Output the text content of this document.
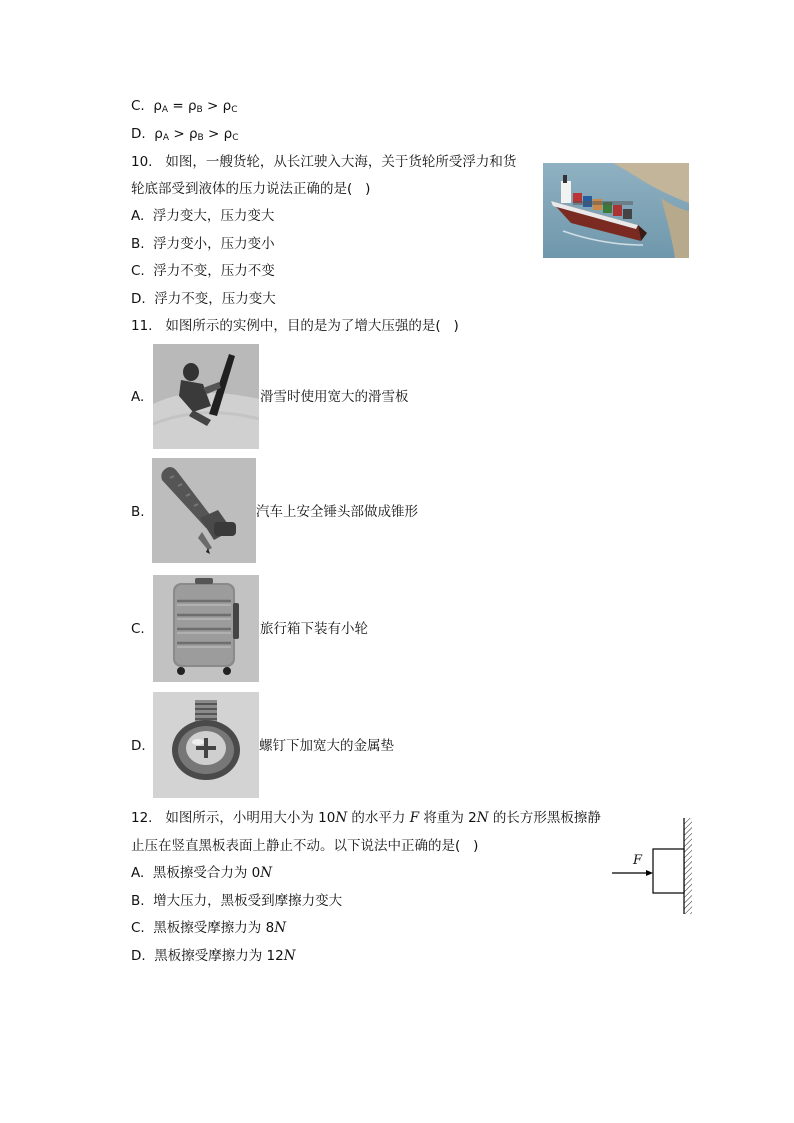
C. $\rho_A = \rho_B > \rho_C$
D. $\rho_A > \rho_B > \rho_C$
10.   如图，一艘货轮，从长江驶入大海，关于货轮所受浮力和货
轮底部受到液体的压力说法正确的是(   )
A.  浮力变大，压力变大
B.  浮力变小，压力变小
C.  浮力不变，压力不变
D.  浮力不变，压力变大
11.   如图所示的实例中，目的是为了增大压强的是(   )
A.	滑雪时使用宽大的滑雪板
B.	汽车上安全锤头部做成锥形
C.	旅行箱下装有小轮
D.	螺钉下加宽大的金属垫
12.   如图所示，小明用大小为 10N 的水平力 F 将重为 2N 的长方形黑板擦静
止压在竖直黑板表面上静止不动。以下说法中正确的是(   )
A.  黑板擦受合力为 0N
B.  增大压力，黑板受到摩擦力变大
C.  黑板擦受摩擦力为 8N
D.  黑板擦受摩擦力为 12N
F
